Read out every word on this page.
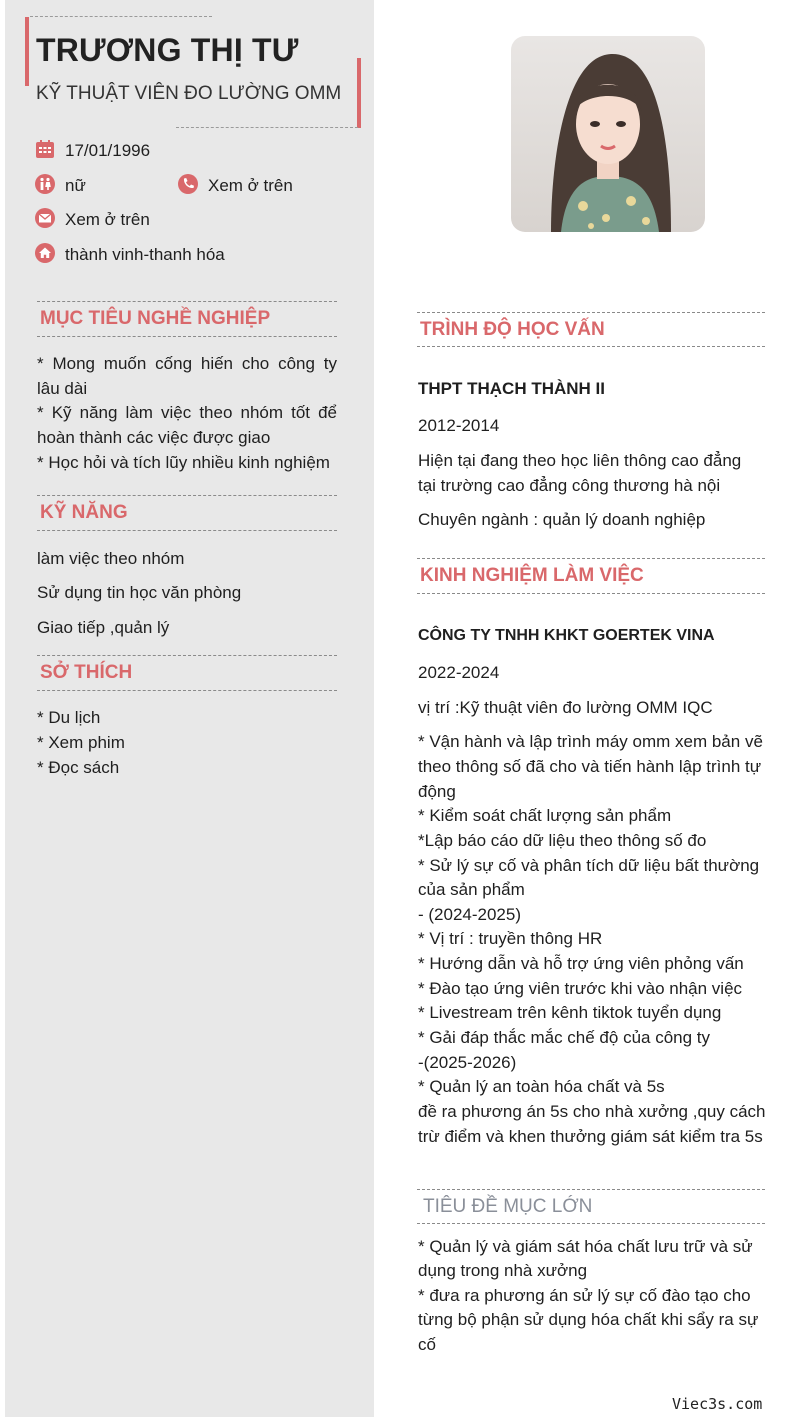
TRƯƠNG THỊ TƯ
KỸ THUẬT VIÊN ĐO LƯỜNG OMM
17/01/1996
nữ	Xem ở trên
Xem ở trên
thành vinh-thanh hóa
MỤC TIÊU NGHỀ NGHIỆP
* Mong muốn cống hiến cho công ty
lâu dài
* Kỹ năng làm việc theo nhóm tốt để
hoàn thành các việc được giao
* Học hỏi và tích lũy nhiều kinh nghiệm
KỸ NĂNG
làm việc theo nhóm
Sử dụng tin học văn phòng
Giao tiếp ,quản lý
SỞ THÍCH
* Du lịch
* Xem phim
* Đọc sách
TRÌNH ĐỘ HỌC VẤN
THPT THẠCH THÀNH II
2012-2014
Hiện tại đang theo học liên thông cao đẳng
tại trường cao đẳng công thương hà nội
Chuyên ngành : quản lý doanh nghiệp
KINH NGHIỆM LÀM VIỆC
CÔNG TY TNHH KHKT GOERTEK VINA
2022-2024
vị trí :Kỹ thuật viên đo lường OMM IQC
* Vận hành và lập trình máy omm xem bản vẽ
theo thông số đã cho và tiến hành lập trình tự
động
* Kiểm soát chất lượng sản phẩm
*Lập báo cáo dữ liệu theo thông số đo
* Sử lý sự cố và phân tích dữ liệu bất thường
của sản phẩm
- (2024-2025)
* Vị trí : truyền thông HR
* Hướng dẫn và hỗ trợ ứng viên phỏng vấn
* Đào tạo ứng viên trước khi vào nhận việc
* Livestream trên kênh tiktok tuyển dụng
* Gải đáp thắc mắc chế độ của công ty
-(2025-2026)
* Quản lý an toàn hóa chất và 5s
đề ra phương án 5s cho nhà xưởng ,quy cách
trừ điểm và khen thưởng giám sát kiểm tra 5s
TIÊU ĐỀ MỤC LỚN
* Quản lý và giám sát hóa chất lưu trữ và sử
dụng trong nhà xưởng
* đưa ra phương án sử lý sự cố đào tạo cho
từng bộ phận sử dụng hóa chất khi sẩy ra sự
cố
Viec3s.com
